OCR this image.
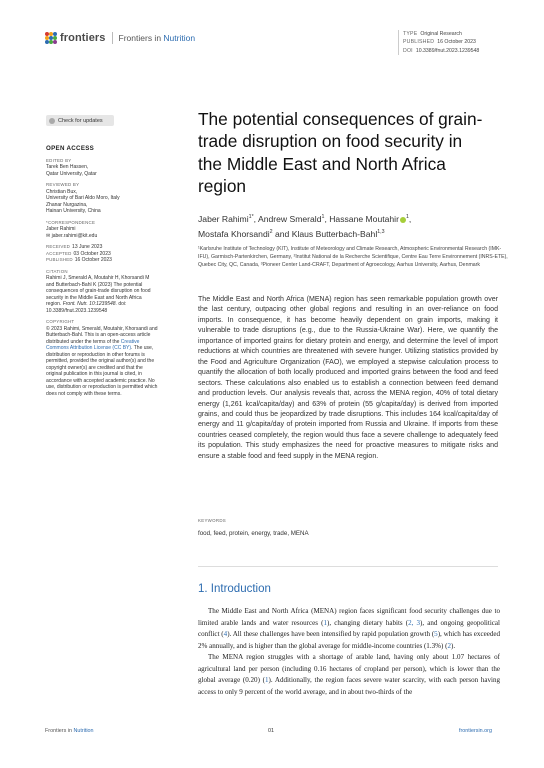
frontiers Frontiers in Nutrition	TYPE Original Research
PUBLISHED 16 October 2023
DOI 10.3389/fnut.2023.1239548
Check for updates
OPEN ACCESS
EDITED BY
Tarek Ben Hassen,
Qatar University, Qatar
REVIEWED BY
Christian Bux,
University of Bari Aldo Moro, Italy
Zhanar Nurgazina,
Hainan University, China
*CORRESPONDENCE
Jaber Rahimi
✉ jaber.rahimi@kit.edu
RECEIVED 13 June 2023
ACCEPTED 03 October 2023
PUBLISHED 16 October 2023
CITATION
Rahimi J, Smerald A, Moutahir H, Khorsandi M and Butterbach-Bahl K (2023) The potential consequences of grain-trade disruption on food security in the Middle East and North Africa region. Front. Nutr. 10:1239548. doi: 10.3389/fnut.2023.1239548
COPYRIGHT
© 2023 Rahimi, Smerald, Moutahir, Khorsandi and Butterbach-Bahl. This is an open-access article distributed under the terms of the Creative Commons Attribution License (CC BY). The use, distribution or reproduction in other forums is permitted, provided the original author(s) and the copyright owner(s) are credited and that the original publication in this journal is cited, in accordance with accepted academic practice. No use, distribution or reproduction is permitted which does not comply with these terms.
The potential consequences of grain-trade disruption on food security in the Middle East and North Africa region
Jaber Rahimi$^{1*}$, Andrew Smerald$^1$, Hassane Moutahir $^1$,
Mostafa Khorsandi$^2$ and Klaus Butterbach-Bahl$^{1,3}$
¹Karlsruhe Institute of Technology (KIT), Institute of Meteorology and Climate Research, Atmospheric Environmental Research (IMK-IFU), Garmisch-Partenkirchen, Germany, ²Institut National de la Recherche Scientifique, Centre Eau Terre Environnement (INRS-ETE), Quebec City, QC, Canada, ³Pioneer Center Land-CRAFT, Department of Agroecology, Aarhus University, Aarhus, Denmark
The Middle East and North Africa (MENA) region has seen remarkable population growth over the last century, outpacing other global regions and resulting in an over-reliance on food imports. In consequence, it has become heavily dependent on grain imports, making it vulnerable to trade disruptions (e.g., due to the Russia-Ukraine War). Here, we quantify the importance of imported grains for dietary protein and energy, and determine the level of import reductions at which countries are threatened with severe hunger. Utilizing statistics provided by the Food and Agriculture Organization (FAO), we employed a stepwise calculation process to quantify the allocation of both locally produced and imported grains between the food and feed sectors. These calculations also enabled us to establish a connection between feed demand and production levels. Our analysis reveals that, across the MENA region, 40% of total dietary energy (1,261 kcal/capita/day) and 63% of protein (55 g/capita/day) is derived from imported grains, and could thus be jeopardized by trade disruptions. This includes 164 kcal/capita/day of energy and 11 g/capita/day of protein imported from Russia and Ukraine. If imports from these countries ceased completely, the region would thus face a severe challenge to adequately feed its population. This study emphasizes the need for proactive measures to mitigate risks and ensure a stable food and feed supply in the MENA region.
KEYWORDS
food, feed, protein, energy, trade, MENA
1. Introduction

The Middle East and North Africa (MENA) region faces significant food security challenges due to limited arable lands and water resources (1), changing dietary habits (2, 3), and ongoing geopolitical conflict (4). All these challenges have been intensified by rapid population growth (5), which has exceeded 2% annually, and is higher than the global average for middle-income countries (1.3%) (2).

The MENA region struggles with a shortage of arable land, having only about 1.07 hectares of agricultural land per person (including 0.16 hectares of cropland per person), which is lower than the global average (0.20) (1). Additionally, the region faces severe water scarcity, with each person having access to only 9 percent of the world average, and in about two-thirds of the

Frontiers in Nutrition	01	frontiersin.org
